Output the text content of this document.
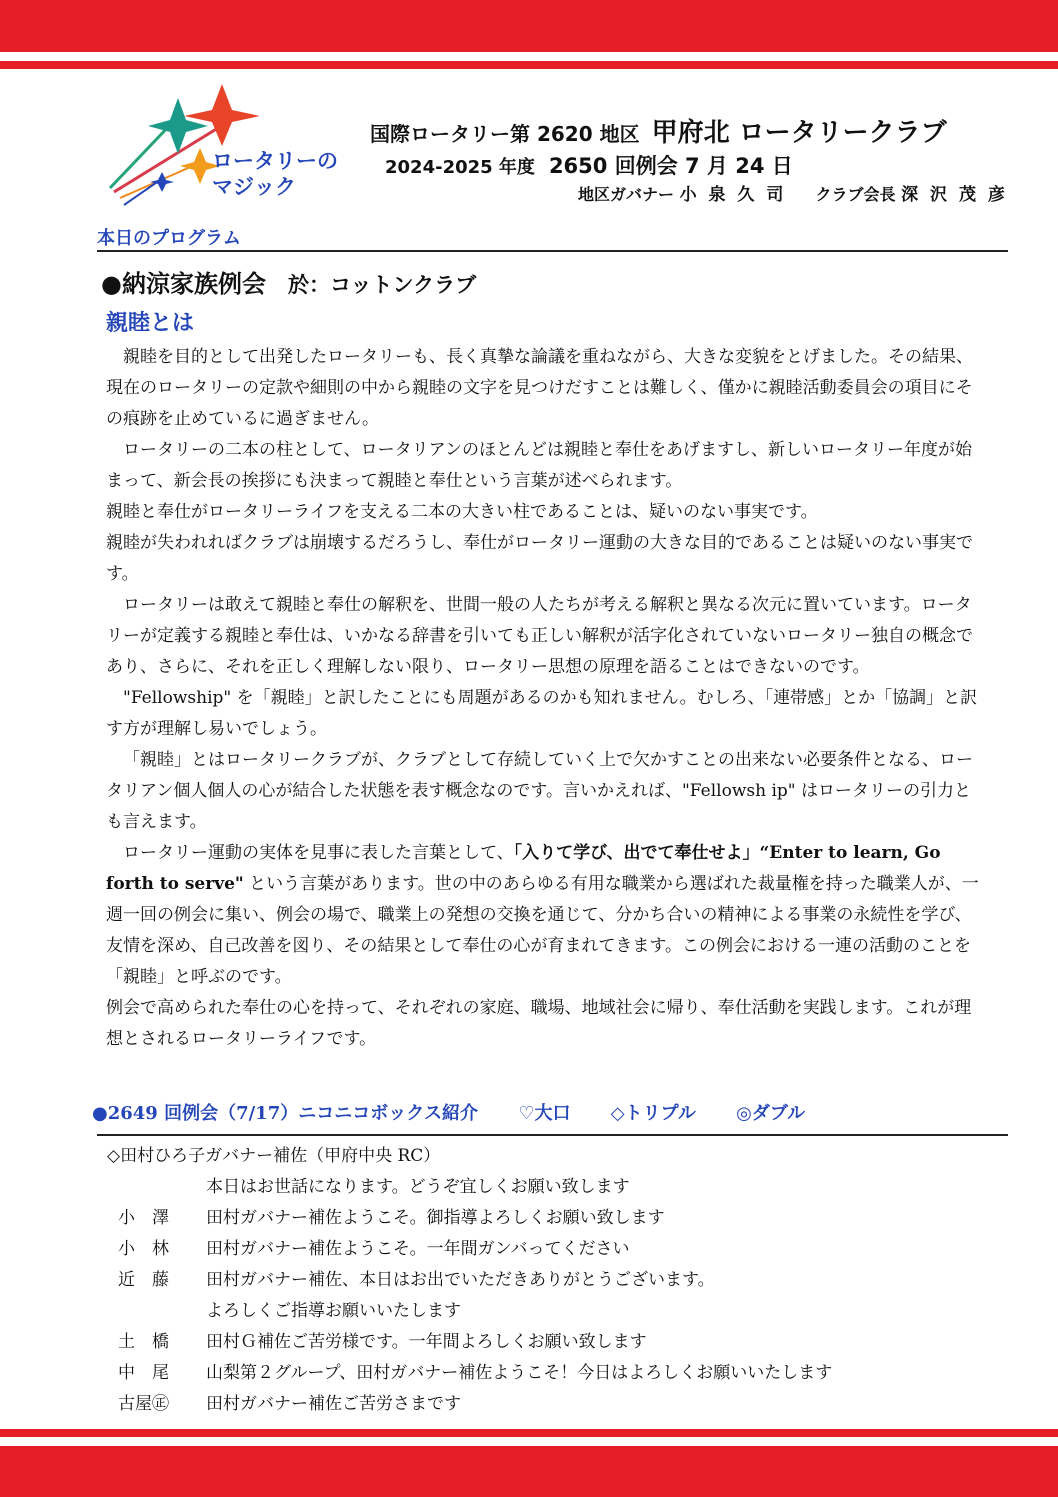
ロータリーの
マジック
国際ロータリー第 2620 地区 甲府北 ロータリークラブ
2024-2025 年度 2650 回例会 7 月 24 日
地区ガバナー 小 泉 久 司 クラブ会長 深 沢 茂 彦
本日のプログラム
●納涼家族例会 於：コットンクラブ
親睦とは

親睦を目的として出発したロータリーも、長く真摯な論議を重ねながら、大きな変貌をとげました。その結果、現在のロータリーの定款や細則の中から親睦の文字を見つけだすことは難しく、僅かに親睦活動委員会の項目にその痕跡を止めているに過ぎません。

ロータリーの二本の柱として、ロータリアンのほとんどは親睦と奉仕をあげますし、新しいロータリー年度が始まって、新会長の挨拶にも決まって親睦と奉仕という言葉が述べられます。

親睦と奉仕がロータリーライフを支える二本の大きい柱であることは、疑いのない事実です。

親睦が失われればクラブは崩壊するだろうし、奉仕がロータリー運動の大きな目的であることは疑いのない事実です。

ロータリーは敢えて親睦と奉仕の解釈を、世間一般の人たちが考える解釈と異なる次元に置いています。ロータリーが定義する親睦と奉仕は、いかなる辞書を引いても正しい解釈が活字化されていないロータリー独自の概念であり、さらに、それを正しく理解しない限り、ロータリー思想の原理を語ることはできないのです。

"Fellowship" を「親睦」と訳したことにも周題があるのかも知れません。むしろ、「連帯感」とか「協調」と訳す方が理解し易いでしょう。

「親睦」とはロータリークラブが、クラブとして存続していく上で欠かすことの出来ない必要条件となる、ロータリアン個人個人の心が結合した状態を表す概念なのです。言いかえれば、"Fellowsh ip" はロータリーの引力とも言えます。

ロータリー運動の実体を見事に表した言葉として、「入りて学び、出でて奉仕せよ」“Enter to learn, Go forth to serve" という言葉があります。世の中のあらゆる有用な職業から選ばれた裁量権を持った職業人が、一週一回の例会に集い、例会の場で、職業上の発想の交換を通じて、分かち合いの精神による事業の永続性を学び、友情を深め、自己改善を図り、その結果として奉仕の心が育まれてきます。この例会における一連の活動のことを「親睦」と呼ぶのです。

例会で高められた奉仕の心を持って、それぞれの家庭、職場、地域社会に帰り、奉仕活動を実践します。これが理想とされるロータリーライフです。

●2649 回例会（7/17）ニコニコボックス紹介 ♡大口 ◇トリプル ◎ダブル
◇田村ひろ子ガバナー補佐（甲府中央 RC）
本日はお世話になります。どうぞ宜しくお願い致します
小　澤	田村ガバナー補佐ようこそ。御指導よろしくお願い致します
小　林	田村ガバナー補佐ようこそ。一年間ガンバってください
近　藤	田村ガバナー補佐、本日はお出でいただきありがとうございます。
よろしくご指導お願いいたします
土　橋	田村Ｇ補佐ご苦労様です。一年間よろしくお願い致します
中　尾	山梨第２グループ、田村ガバナー補佐ようこそ！今日はよろしくお願いいたします
古屋㊣	田村ガバナー補佐ご苦労さまです
